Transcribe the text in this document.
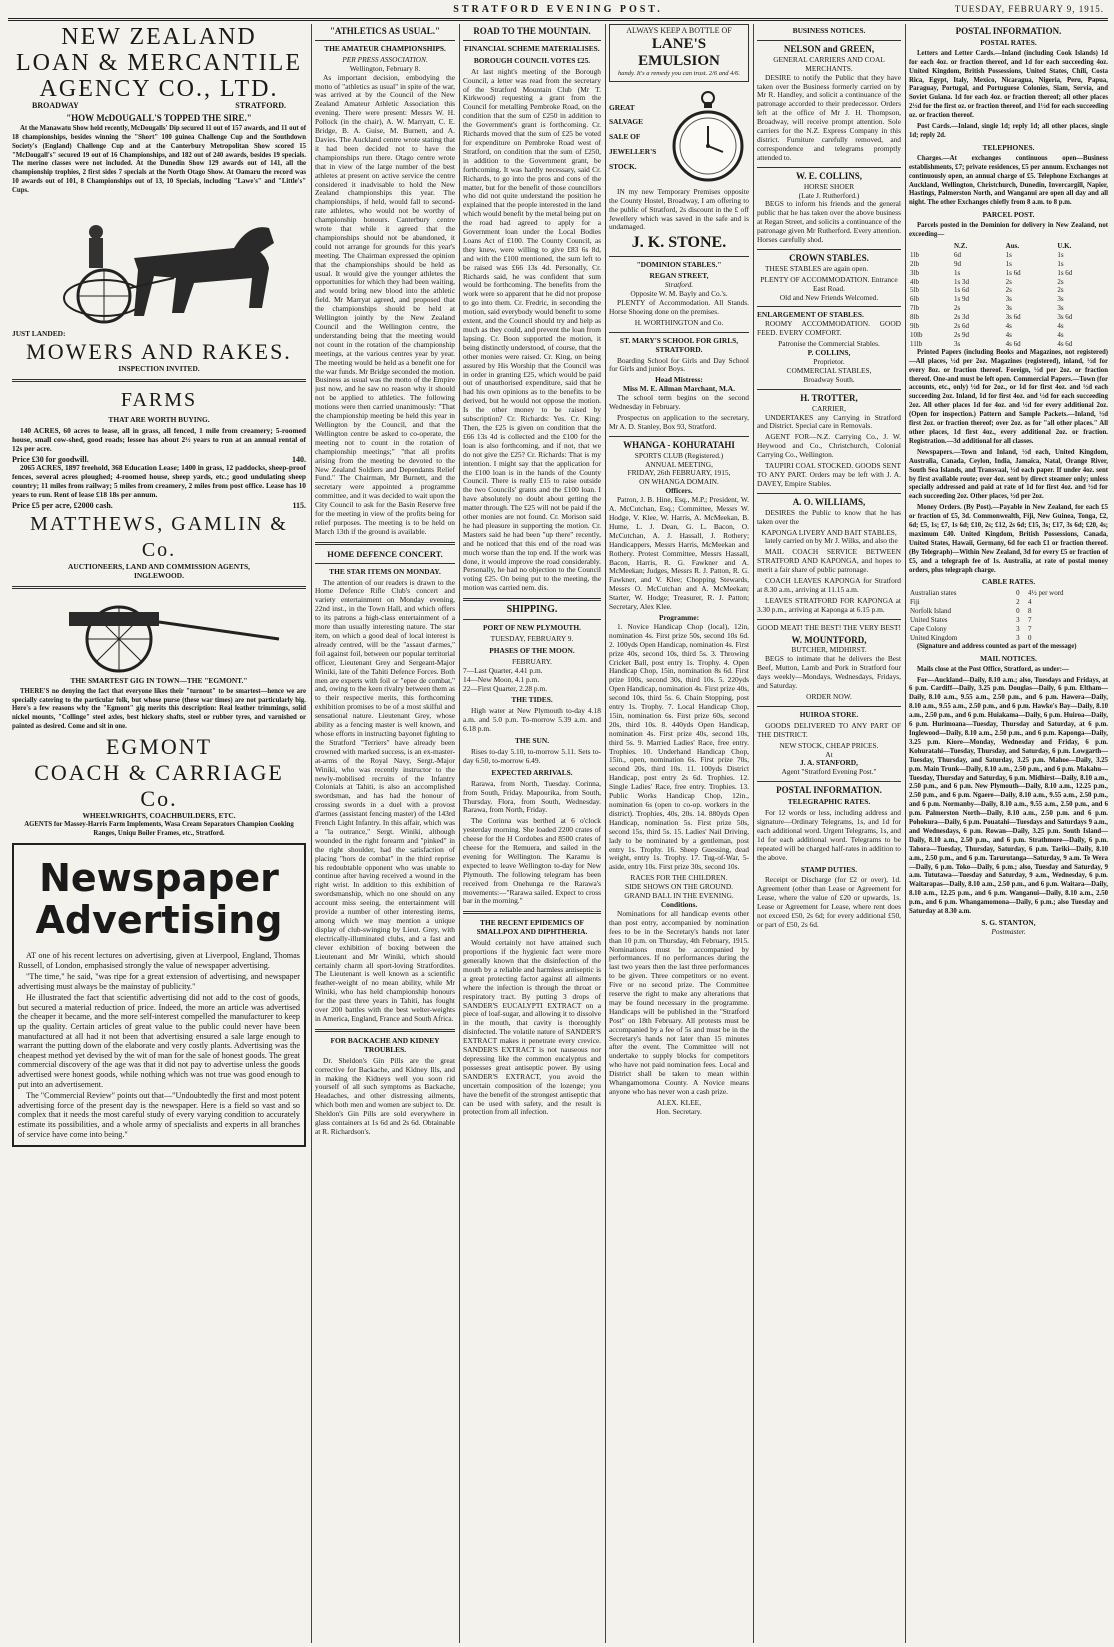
STRATFORD EVENING POST.	TUESDAY, FEBRUARY 9, 1915.
NEW ZEALAND
LOAN & MERCANTILE
AGENCY CO., LTD.
BROADWAY	STRATFORD.
"HOW McDOUGALL'S TOPPED THE SIRE."

At the Manawatu Show held recently, McDougalls' Dip secured 11 out of 157 awards, and 11 out of 18 championships, besides winning the "Short" 100 guinea Challenge Cup and the Southdown Society's (England) Challenge Cup and at the Canterbury Metropolitan Show scored 15 "McDougall's" secured 19 out of 16 Championships, and 182 out of 240 awards, besides 19 specials. The merino classes were not included. At the Dunedin Show 129 awards out of 141, all the championship trophies, 2 first sides 7 specials at the North Otago Show. At Oamaru the record was 10 awards out of 101, 8 Championships out of 13, 10 Specials, including "Lawe's" and "Little's" Cups.

JUST LANDED:
MOWERS AND RAKES.
INSPECTION INVITED.
FARMS
THAT ARE WORTH BUYING.

140 ACRES, 60 acres to lease, all in grass, all fenced, 1 mile from creamery; 5-roomed house, small cow-shed, good roads; lessee has about 2½ years to run at an annual rental of 12s per acre.

Price £30 for goodwill.	140.

2065 ACRES, 1897 freehold, 368 Education Lease; 1400 in grass, 12 paddocks, sheep-proof fences, several acres ploughed; 4-roomed house, sheep yards, etc.; good undulating sheep country; 11 miles from railway; 5 miles from creamery, 2 miles from post office. Lease has 10 years to run. Rent of lease £18 18s per annum.

Price £5 per acre, £2000 cash.	115.
MATTHEWS, GAMLIN & Co.
AUCTIONEERS, LAND AND COMMISSION AGENTS,
INGLEWOOD.
THE SMARTEST GIG IN TOWN—THE "EGMONT."

THERE'S no denying the fact that everyone likes their "turnout" to be smartest—hence we are specially catering to the particular folk, but whose purse (these war times) are not particularly big. Here's a few reasons why the "Egmont" gig merits this description: Real leather trimmings, solid nickel mounts, "Collinge" steel axles, best hickory shafts, steel or rubber tyres, and varnished or painted as desired. Come and sit in one.

EGMONT
COACH & CARRIAGE Co.
WHEELWRIGHTS, COACHBUILDERS, ETC.
AGENTS for Massey-Harris Farm Implements, Wasa Cream Separators Champion Cooking Ranges, Uniqu Boiler Frames, etc., Stratford.
Newspaper
Advertising

AT one of his recent lectures on advertising, given at Liverpool, England, Thomas Russell, of London, emphasised strongly the value of newspaper advertising.

"The time," he said, "was ripe for a great extension of advertising, and newspaper advertising must always be the mainstay of publicity."

He illustrated the fact that scientific advertising did not add to the cost of goods, but secured a material reduction of price. Indeed, the more an article was advertised the cheaper it became, and the more self-interest compelled the manufacturer to keep up the quality. Certain articles of great value to the public could never have been manufactured at all had it not been that advertising ensured a sale large enough to warrant the putting down of the elaborate and very costly plants. Advertising was the cheapest method yet devised by the wit of man for the sale of honest goods. The great commercial discovery of the age was that it did not pay to advertise unless the goods advertised were honest goods, while nothing which was not true was good enough to put into an advertisement.

The "Commercial Review" points out that—"Undoubtedly the first and most potent advertising force of the present day is the newspaper. Here is a field so vast and so complex that it needs the most careful study of every varying condition to accurately estimate its possibilities, and a whole army of specialists and experts in all branches of service have come into being."

"ATHLETICS AS USUAL."
THE AMATEUR CHAMPIONSHIPS.
PER PRESS ASSOCIATION.
Wellington, February 8.

As important decision, embodying the motto of "athletics as usual" in spite of the war, was arrived at by the Council of the New Zealand Amateur Athletic Association this evening. There were present: Messrs W. H. Pollock (in the chair), A. W. Marryatt, C. E. Bridge, B. A. Guise, M. Burnett, and A. Davies. The Auckland centre wrote stating that it had been decided not to have the championships run there. Otago centre wrote that in view of the large number of the best athletes at present on active service the centre considered it inadvisable to hold the New Zealand championships this year. The championships, if held, would fall to second-rate athletes, who would not be worthy of championship honours. Canterbury centre wrote that while it agreed that the championships should not be abandoned, it could not arrange for grounds for this year's meeting. The Chairman expressed the opinion that the championships should be held as usual. It would give the younger athletes the opportunities for which they had been waiting, and would bring new blood into the athletic field. Mr Marryat agreed, and proposed that the championships should be held at Wellington jointly by the New Zealand Council and the Wellington centre, the understanding being that the meeting would not count in the rotation of the championship meetings, at the various centres year by year. The meeting would be held as a benefit one for the war funds. Mr Bridge seconded the motion. Business as usual was the motto of the Empire just now, and he saw no reason why it should not be applied to athletics. The following motions were then carried unanimously: "That the championship meeting be held this year in Wellington by the Council, and that the Wellington centre be asked to co-operate, the meeting not to count in the rotation of championship meetings;" "that all profits arising from the meeting be devoted to the New Zealand Soldiers and Dependants Relief Fund." The Chairman, Mr Burnett, and the secretary were appointed a programme committee, and it was decided to wait upon the City Council to ask for the Basin Reserve free for the meeting in view of the profits being for relief purposes. The meeting is to be held on March 13th if the ground is available.

HOME DEFENCE CONCERT.
THE STAR ITEMS ON MONDAY.

The attention of our readers is drawn to the Home Defence Rifle Club's concert and variety entertainment on Monday evening, 22nd inst., in the Town Hall, and which offers to its patrons a high-class entertainment of a more than usually interesting nature. The star item, on which a good deal of local interest is already centred, will be the "assaut d'armes," foil against foil, between our popular territorial officer, Lieutenant Grey and Sergeant-Major Winiki, late of the Tahiti Defence Forces. Both men are experts with foil or "epee de combat," and, owing to the keen rivalry between them as to their respective merits, this forthcoming exhibition promises to be of a most skilful and sensational nature. Lieutenant Grey, whose ability as a fencing master is well known, and whose efforts in instructing bayonet fighting to the Stratford "Terriers" have already been crowned with marked success, is an ex-master-at-arms of the Royal Navy, Sergt.-Major Winiki, who was recently instructor to the newly-mobilised recruits of the Infantry Colonials at Tahiti, is also an accomplished swordsman, and has had the honour of crossing swords in a duel with a provost d'armes (assistant fencing master) of the 143rd French Light Infantry. In this affair, which was a "la outrance," Sergt. Winiki, although wounded in the right forearm and "pinked" in the right shoulder, had the satisfaction of placing "hors de combat" in the third reprise his redoubtable opponent who was unable to continue after having received a wound in the right wrist. In addition to this exhibition of swordsmanship, which no one should on any account miss seeing, the entertainment will provide a number of other interesting items, among which we may mention a unique display of club-swinging by Lieut. Grey, with electrically-illuminated clubs, and a fast and clever exhibition of boxing between the Lieutenant and Mr Winiki, which should certainly charm all sport-loving Stratfordites. The Lieutenant is well known as a scientific feather-weight of no mean ability, while Mr Winiki, who has held championship honours for the past three years in Tahiti, has fought over 200 battles with the best welter-weights in America, England, France and South Africa.

FOR BACKACHE AND KIDNEY TROUBLES.

Dr. Sheldon's Gin Pills are the great corrective for Backache, and Kidney Ills, and in making the Kidneys well you soon rid yourself of all such symptoms as Backache, Headaches, and other distressing ailments, which both men and women are subject to. Dr. Sheldon's Gin Pills are sold everywhere in glass containers at 1s 6d and 2s 6d. Obtainable at R. Richardson's.

ROAD TO THE MOUNTAIN.
FINANCIAL SCHEME MATERIALISES.
BOROUGH COUNCIL VOTES £25.

At last night's meeting of the Borough Council, a letter was read from the secretary of the Stratford Mountain Club (Mr T. Kirkwood) requesting a grant from the Council for metalling Pembroke Road, on the condition that the sum of £250 in addition to the Government's grant is forthcoming. Cr. Richards moved that the sum of £25 be voted for expenditure on Pembroke Road west of Stratford, on condition that the sum of £250, in addition to the Government grant, be forthcoming. It was hardly necessary, said Cr. Richards, to go into the pros and cons of the matter, but for the benefit of those councillors who did not quite understand the position he explained that the people interested in the land which would benefit by the metal being put on the road had agreed to apply for a Government loan under the Local Bodies Loans Act of £100. The County Council, as they knew, were willing to give £83 6s 8d, and with the £100 mentioned, the sum left to be raised was £66 13s 4d. Personally, Cr. Richards said, he was confident that sum would be forthcoming. The benefits from the work were so apparent that he did not propose to go into them. Cr. Fredric, in seconding the motion, said everybody would benefit to some extent, and the Council should try and help as much as they could, and prevent the loan from lapsing. Cr. Boon supported the motion, it being distinctly understood, of course, that the other monies were raised. Cr. King, on being assured by His Worship that the Council was in order in granting £25, which would be paid out of unauthorised expenditure, said that he had his own opinions as to the benefits to be derived, but he would not oppose the motion. Is the other money to be raised by subscription? Cr. Richards: Yes. Cr. King: Then, the £25 is given on condition that the £66 13s 4d is collected and the £100 for the loan is also forthcoming, and if not, that we do not give the £25? Cr. Richards: That is my intention. I might say that the application for the £100 loan is in the hands of the County Council. There is really £15 to raise outside the two Councils' grants and the £100 loan. I have absolutely no doubt about getting the matter through. The £25 will not be paid if the other monies are not found. Cr. Morison said he had pleasure in supporting the motion. Cr. Masters said he had been "up there" recently, and he noticed that this end of the road was much worse than the top end. If the work was done, it would improve the road considerably. Personally, he had no objection to the Council voting £25. On being put to the meeting, the motion was carried nem. dis.

SHIPPING.
PORT OF NEW PLYMOUTH.
TUESDAY, FEBRUARY 9.
PHASES OF THE MOON.
FEBRUARY.
7—Last Quarter, 4.41 p.m.
14—New Moon, 4.1 p.m.
22—First Quarter, 2.28 p.m.
THE TIDES.

High water at New Plymouth to-day 4.18 a.m. and 5.0 p.m. To-morrow 5.39 a.m. and 6.18 p.m.

THE SUN.

Rises to-day 5.10, to-morrow 5.11. Sets to-day 6.50, to-morrow 6.49.

EXPECTED ARRIVALS.

Rarawa, from North, Tuesday. Corinna, from South, Friday. Mapourika, from South, Thursday. Flora, from South, Wednesday. Rarawa, from North, Friday.

The Corinna was berthed at 6 o'clock yesterday morning. She loaded 2200 crates of cheese for the H Cordobes and 8500 crates of cheese for the Remuera, and sailed in the evening for Wellington. The Karamu is expected to leave Wellington to-day for New Plymouth. The following telegram has been received from Onehunga re the Rarawa's movements:—"Rarawa sailed. Expect to cross bar in the morning."

THE RECENT EPIDEMICS OF SMALLPOX AND DIPHTHERIA.

Would certainly not have attained such proportions if the hygienic fact were more generally known that the disinfection of the mouth by a reliable and harmless antiseptic is a great protecting factor against all ailments where the infection is through the throat or respiratory tract. By putting 3 drops of SANDER'S EUCALYPTI EXTRACT on a piece of loaf-sugar, and allowing it to dissolve in the mouth, that cavity is thoroughly disinfected. The volatile nature of SANDER'S EXTRACT makes it penetrate every crevice. SANDER'S EXTRACT is not nauseous nor depressing like the common eucalyptus and possesses great antiseptic power. By using SANDER'S EXTRACT, you avoid the uncertain composition of the lozenge; you have the benefit of the strongest antiseptic that can be used with safety, and the result is protection from all infection.

ALWAYS KEEP A BOTTLE OF
LANE'S EMULSION
handy. It's a remedy you can trust. 2/6 and 4/6.
GREAT
SALVAGE
SALE OF
JEWELLER'S
STOCK.

IN my new Temporary Premises opposite the County Hostel, Broadway, I am offering to the public of Stratford, 2s discount in the £ off Jewellery which was saved in the safe and is undamaged.

J. K. STONE.
"DOMINION STABLES."
REGAN STREET,
Stratford.
Opposite W. M. Bayly and Co.'s.

PLENTY of Accommodation. All Stands. Horse Shoeing done on the premises.

H. WORTHINGTON and Co.
ST. MARY'S SCHOOL FOR GIRLS, STRATFORD.

Boarding School for Girls and Day School for Girls and junior Boys.

Head Mistress:
Miss M. E. Allman Marchant, M.A.

The school term begins on the second Wednesday in February.

Prospectus on application to the secretary, Mr A. D. Stanley, Box 93, Stratford.

WHANGA - KOHURATAHI
SPORTS CLUB (Registered.)
ANNUAL MEETING,
FRIDAY, 26th FEBRUARY, 1915,
ON WHANGA DOMAIN.
Officers.

Patron, J. B. Hine, Esq., M.P.; President, W. A. McCutchan, Esq.; Committee, Messrs W. Hodge, V. Klee, W. Harris, A. McMeekan, B. Hume, L. J. Dean, G. L. Bacon, O. McCutchan, A. J. Hassall, J. Rothery; Handicappers, Messrs Harris, McMeekan and Rothery. Protest Committee, Messrs Hassall, Bacon, Harris, R. G. Fawkner and A. McMeekan; Judges, Messrs R. J. Patton, R. G. Fawkner, and V. Klee; Chopping Stewards, Messrs O. McCutchan and A. McMeekan; Starter, W. Hodge; Treasurer, R. J. Patton; Secretary, Alex Klee.

Programme:

1. Novice Handicap Chop (local), 12in, nomination 4s. First prize 50s, second 10s 6d. 2. 100yds Open Handicap, nomination 4s. First prize 40s, second 10s, third 5s. 3. Throwing Cricket Ball, post entry 1s. Trophy. 4. Open Handicap Chop, 15in, nomination 8s 6d. First prize 100s, second 30s, third 10s. 5. 220yds Open Handicap, nomination 4s. First prize 40s, second 10s, third 5s. 6. Chain Stopping, post entry 1s. Trophy. 7. Local Handicap Chop, 15in, nomination 6s. First prize 60s, second 20s, third 10s. 8. 440yds Open Handicap, nomination 4s. First prize 40s, second 10s, third 5s. 9. Married Ladies' Race, free entry. Trophies. 10. Underhand Handicap Chop, 15in., open, nomination 6s. First prize 70s, second 20s, third 10s. 11. 100yds District Handicap, post entry 2s 6d. Trophies. 12. Single Ladies' Race, free entry. Trophies. 13. Public Works Handicap Chop, 12in., nomination 6s (open to co-op. workers in the district). Trophies, 40s, 20s. 14. 880yds Open Handicap, nomination 5s. First prize 50s, second 15s, third 5s. 15. Ladies' Nail Driving, lady to be nominated by a gentleman, post entry 1s. Trophy. 16. Sheep Guessing, dead weight, entry 1s. Trophy. 17. Tug-of-War, 5-aside, entry 10s. First prize 30s, second 10s.

RACES FOR THE CHILDREN.
SIDE SHOWS ON THE GROUND.
GRAND BALL IN THE EVENING.
Conditions.

Nominations for all handicap events other than post entry, accompanied by nomination fees to be in the Secretary's hands not later than 10 p.m. on Thursday, 4th February, 1915. Nominations must be accompanied by performances. If no performances during the last two years then the last three performances to be given. Three competitors or no event. Five or no second prize. The Committee reserve the right to make any alterations that may be found necessary in the programme. Handicaps will be published in the "Stratford Post" on 18th February. All protests must be accompanied by a fee of 5s and must be in the Secretary's hands not later than 15 minutes after the event. The Committee will not undertake to supply blocks for competitors who have not paid nomination fees. Local and District shall be taken to mean within Whangamomona County. A Novice means anyone who has never won a cash prize.

ALEX. KLEE,
Hon. Secretary.
BUSINESS NOTICES.
NELSON and GREEN,
GENERAL CARRIERS AND COAL MERCHANTS.

DESIRE to notify the Public that they have taken over the Business formerly carried on by Mr R. Handley, and solicit a continuance of the patronage accorded to their predecessor. Orders left at the office of Mr J. H. Thompson, Broadway, will receive prompt attention. Sole carriers for the N.Z. Express Company in this district. Furniture carefully removed, and correspondence and telegrams promptly attended to.

W. E. COLLINS,
HORSE SHOER
(Late J. Rutherford.)

BEGS to inform his friends and the general public that he has taken over the above business at Regan Street, and solicits a continuance of the patronage given Mr Rutherford. Every attention. Horses carefully shod.

CROWN STABLES.

THESE STABLES are again open.

PLENTY OF ACCOMMODATION. Entrance East Road.
Old and New Friends Welcomed.
ENLARGEMENT OF STABLES.

ROOMY ACCOMMODATION. GOOD FEED. EVERY COMFORT.

Patronise the Commercial Stables.
P. COLLINS,
Proprietor.
COMMERCIAL STABLES,
Broadway South.
H. TROTTER,
CARRIER,

UNDERTAKES any Carrying in Stratford and District. Special care in Removals.

AGENT FOR—N.Z. Carrying Co., J. W. Heywood and Co., Christchurch, Colonial Carrying Co., Wellington.

TAUPIRI COAL STOCKED. GOODS SENT TO ANY PART. Orders may be left with J. A. DAVEY, Empire Stables.

A. O. WILLIAMS,

DESIRES the Public to know that he has taken over the

KAPONGA LIVERY AND BAIT STABLES,

lately carried on by Mr J. Wilks, and also the

MAIL COACH SERVICE BETWEEN STRATFORD AND KAPONGA, and hopes to merit a fair share of public patronage.

COACH LEAVES KAPONGA for Stratford at 8.30 a.m., arriving at 11.15 a.m.

LEAVES STRATFORD FOR KAPONGA at 3.30 p.m., arriving at Kaponga at 6.15 p.m.

GOOD MEAT! THE BEST! THE VERY BEST!
W. MOUNTFORD,
BUTCHER, MIDHIRST.

BEGS to intimate that he delivers the Best Beef, Mutton, Lamb and Pork in Stratford four days weekly—Mondays, Wednesdays, Fridays, and Saturday.

ORDER NOW.
HUIROA STORE.

GOODS DELIVERED TO ANY PART OF THE DISTRICT.

NEW STOCK, CHEAP PRICES.
At
J. A. STANFORD,
Agent "Stratford Evening Post."
POSTAL INFORMATION.
TELEGRAPHIC RATES.

For 12 words or less, including address and signature—Ordinary Telegrams, 1s, and 1d for each additional word. Urgent Telegrams, 1s, and 1d for each additional word. Telegrams to be repeated will be charged half-rates in addition to the above.

STAMP DUTIES.

Receipt or Discharge (for £2 or over), 1d. Agreement (other than Lease or Agreement for Lease, where the value of £20 or upwards, 1s. Lease or Agreement for Lease, where rent does not exceed £50, 2s 6d; for every additional £50, or part of £50, 2s 6d.

POSTAL INFORMATION.
POSTAL RATES.

Letters and Letter Cards.—Inland (including Cook Islands) 1d for each 4oz. or fraction thereof, and 1d for each succeeding 4oz. United Kingdom, British Possessions, United States, Chili, Costa Rica, Egypt, Italy, Mexico, Nicaragua, Nigeria, Peru, Papua, Paraguay, Portugal, and Portuguese Colonies, Siam, Servia, and Soviet Guiana. 1d for each 4oz. or fraction thereof; all other places 2½d for the first oz. or fraction thereof, and 1½d for each succeeding oz. or fraction thereof.

Post Cards.—Inland, single 1d; reply 1d; all other places, single 1d; reply 2d.

TELEPHONES.

Charges.—At exchanges continuous open—Business establishments, £7; private residences, £5 per annum. Exchanges not continuously open, an annual charge of £5. Telephone Exchanges at Auckland, Wellington, Christchurch, Dunedin, Invercargill, Napier, Hastings, Palmerston North, and Wanganui are open all day and all night. The other Exchanges chiefly from 8 a.m. to 8 p.m.

PARCEL POST.

Parcels posted in the Dominion for delivery in New Zealand, not exceeding—

	N.Z.	Aus.	U.K.
1lb	6d	1s	1s
2lb	9d	1s	1s
3lb	1s	1s 6d	1s 6d
4lb	1s 3d	2s	2s
5lb	1s 6d	2s	2s
6lb	1s 9d	3s	3s
7lb	2s	3s	3s
8lb	2s 3d	3s 6d	3s 6d
9lb	2s 6d	4s	4s
10lb	2s 9d	4s	4s
11lb	3s	4s 6d	4s 6d

Printed Papers (including Books and Magazines, not registered)—All places, ½d per 2oz. Magazines (registered), inland, ½d for every 8oz. or fraction thereof. Foreign, ½d per 2oz. or fraction thereof. One-and must be left open. Commercial Papers.—Town (for accounts, etc., only) ½d for 2oz., or 1d for first 4oz. and ½d each succeeding 2oz. Inland, 1d for first 4oz. and ½d for each succeeding 2oz. All other places 1d for 4oz. and ½d for every additional 2oz. (Open for inspection.) Pattern and Sample Packets.—Inland, ½d first 2oz. or fraction thereof; over 2oz. as for "all other places." All other places, 1d first 4oz., every additional 2oz. or fraction. Registration.—3d additional for all classes.

Newspapers.—Town and Inland, ½d each, United Kingdom, Australia, Canada, Ceylon, India, Jamaica, Natal, Orange River, South Sea Islands, and Transvaal, ½d each paper. If under 4oz. sent by first available route; over 4oz. sent by direct steamer only; unless specially addressed and paid at rate of 1d for first 4oz. and ½d for each succeeding 2oz. Other places, ½d per 2oz.

Money Orders. (By Post).—Payable in New Zealand, for each £5 or fraction of £5, 3d. Commonwealth, Fiji, New Guinea, Tonga, £2, 6d; £5, 1s; £7, 1s 6d; £10, 2s; £12, 2s 6d; £15, 3s; £17, 3s 6d; £20, 4s; maximum £40. United Kingdom, British Possessions, Canada, United States, Hawaii, Germany, 6d for each £1 or fraction thereof. (By Telegraph)—Within New Zealand, 3d for every £5 or fraction of £5, and a telegraph fee of 1s. Australia, at rate of postal money orders, plus telegraph charge.

CABLE RATES.
Australian states	0	4½ per word
Fiji	2	4
Norfolk Island	0	8
United States	3	7
Cape Colony	3	7
United Kingdom	3	0

(Signature and address counted as part of the message)

MAIL NOTICES.

Mails close at the Post Office, Stratford, as under:—

For—Auckland—Daily, 8.10 a.m.; also, Tuesdays and Fridays, at 6 p.m. Cardiff—Daily, 3.25 p.m. Douglas—Daily, 6 p.m. Eltham—Daily, 8.10 a.m., 9.55 a.m., 2.50 p.m., and 6 p.m. Hawera—Daily, 8.10 a.m., 9.55 a.m., 2.50 p.m., and 6 p.m. Hawke's Bay—Daily, 8.10 a.m., 2.50 p.m., and 6 p.m. Huiakama—Daily, 6 p.m. Huiroa—Daily, 6 p.m. Hurimoana—Tuesday, Thursday and Saturday, at 6 p.m. Inglewood—Daily, 8.10 a.m., 2.50 p.m., and 6 p.m. Kaponga—Daily, 3.25 p.m. Kiore—Monday, Wednesday and Friday, 6 p.m. Kohuratahi—Tuesday, Thursday, and Saturday, 6 p.m. Lowgarth—Tuesday, Thursday, and Saturday, 3.25 p.m. Mahoe—Daily, 3.25 p.m. Main Trunk—Daily, 8.10 a.m., 2.50 p.m., and 6 p.m. Makahu—Tuesday, Thursday and Saturday, 6 p.m. Midhirst—Daily, 8.10 a.m., 2.50 p.m., and 6 p.m. New Plymouth—Daily, 8.10 a.m., 12.25 p.m., 2.50 p.m., and 6 p.m. Ngaere—Daily, 8.10 a.m., 9.55 a.m., 2.50 p.m., and 6 p.m. Normanby—Daily, 8.10 a.m., 9.55 a.m., 2.50 p.m., and 6 p.m. Palmerston North—Daily, 8.10 a.m., 2.50 p.m. and 6 p.m. Pohokura—Daily, 6 p.m. Pouatahi—Tuesdays and Saturdays 9 a.m., and Wednesdays, 6 p.m. Rowan—Daily, 3.25 p.m. South Island—Daily, 8.10 a.m., 2.50 p.m., and 6 p.m. Strathmore—Daily, 6 p.m. Tahora—Tuesday, Thursday, Saturday, 6 p.m. Tariki—Daily, 8.10 a.m., 2.50 p.m., and 6 p.m. Tarurutanga—Saturday, 9 a.m. Te Wera—Daily, 6 p.m. Toko—Daily, 6 p.m.; also, Tuesday and Saturday, 9 a.m. Tututawa—Tuesday and Saturday, 9 a.m., Wednesday, 6 p.m. Waitarapas—Daily, 8.10 a.m., 2.50 p.m., and 6 p.m. Waitara—Daily, 8.10 a.m., 12.25 p.m., and 6 p.m. Wanganui—Daily, 8.10 a.m., 2.50 p.m., and 6 p.m. Whangamomona—Daily, 6 p.m.; also Tuesday and Saturday at 8.30 a.m.

S. G. STANTON,
Postmaster.
